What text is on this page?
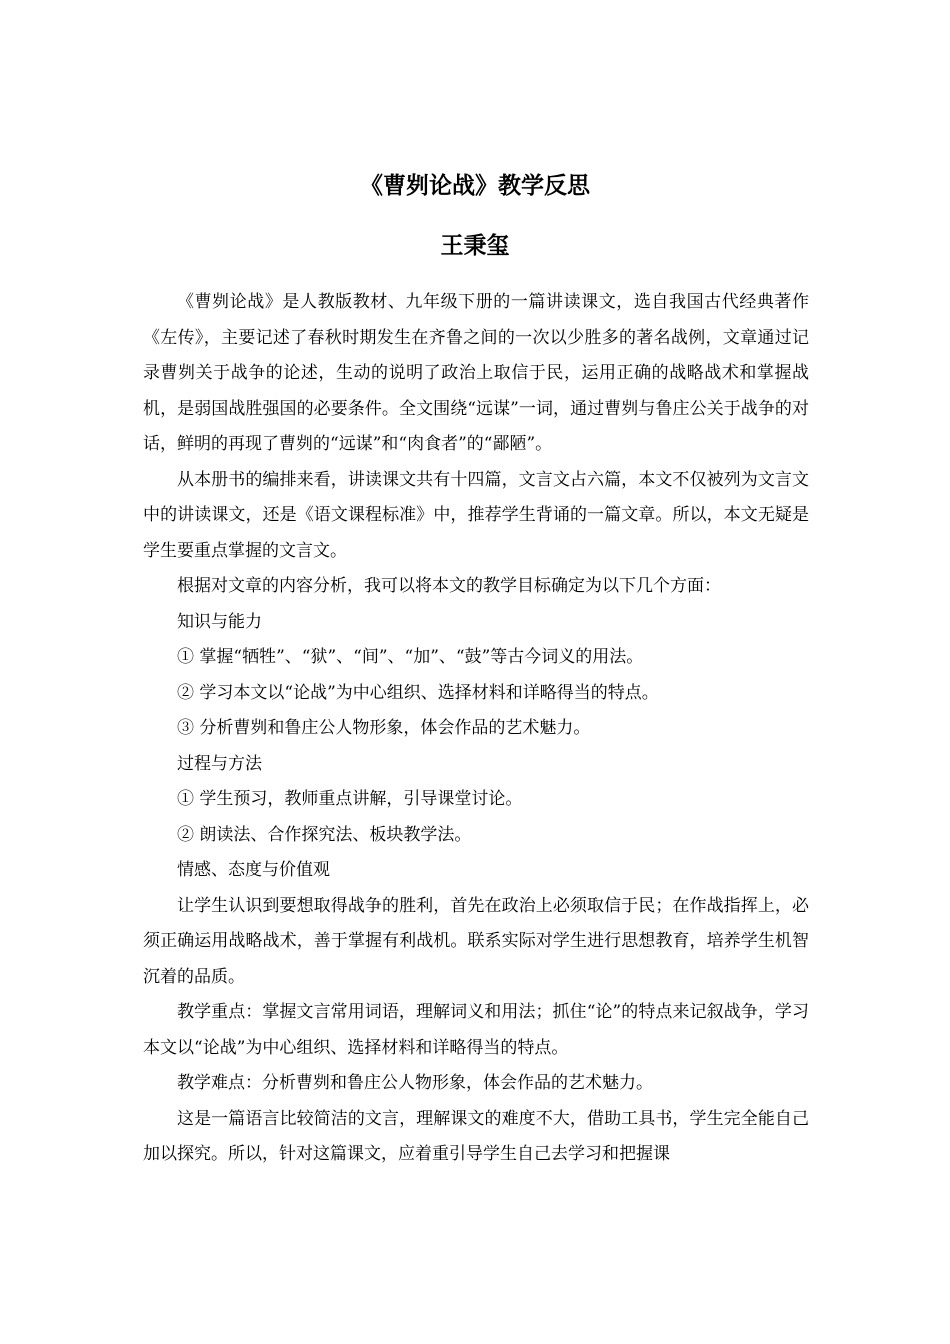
《曹刿论战》教学反思
王秉玺

《曹刿论战》是人教版教材、九年级下册的一篇讲读课文，选自我国古代经典著作《左传》，主要记述了春秋时期发生在齐鲁之间的一次以少胜多的著名战例，文章通过记录曹刿关于战争的论述，生动的说明了政治上取信于民，运用正确的战略战术和掌握战机，是弱国战胜强国的必要条件。全文围绕“远谋”一词，通过曹刿与鲁庄公关于战争的对话，鲜明的再现了曹刿的“远谋”和“肉食者”的“鄙陋”。

从本册书的编排来看，讲读课文共有十四篇，文言文占六篇，本文不仅被列为文言文中的讲读课文，还是《语文课程标准》中，推荐学生背诵的一篇文章。所以，本文无疑是学生要重点掌握的文言文。

根据对文章的内容分析，我可以将本文的教学目标确定为以下几个方面：

知识与能力

① 掌握“牺牲”、“狱”、“间”、“加”、“鼓”等古今词义的用法。

② 学习本文以“论战”为中心组织、选择材料和详略得当的特点。

③ 分析曹刿和鲁庄公人物形象，体会作品的艺术魅力。

过程与方法

① 学生预习，教师重点讲解，引导课堂讨论。

② 朗读法、合作探究法、板块教学法。

情感、态度与价值观

让学生认识到要想取得战争的胜利，首先在政治上必须取信于民；在作战指挥上，必须正确运用战略战术，善于掌握有利战机。联系实际对学生进行思想教育，培养学生机智沉着的品质。

教学重点：掌握文言常用词语，理解词义和用法；抓住“论”的特点来记叙战争，学习本文以“论战”为中心组织、选择材料和详略得当的特点。

教学难点：分析曹刿和鲁庄公人物形象，体会作品的艺术魅力。

这是一篇语言比较简洁的文言，理解课文的难度不大，借助工具书，学生完全能自己加以探究。所以，针对这篇课文，应着重引导学生自己去学习和把握课
